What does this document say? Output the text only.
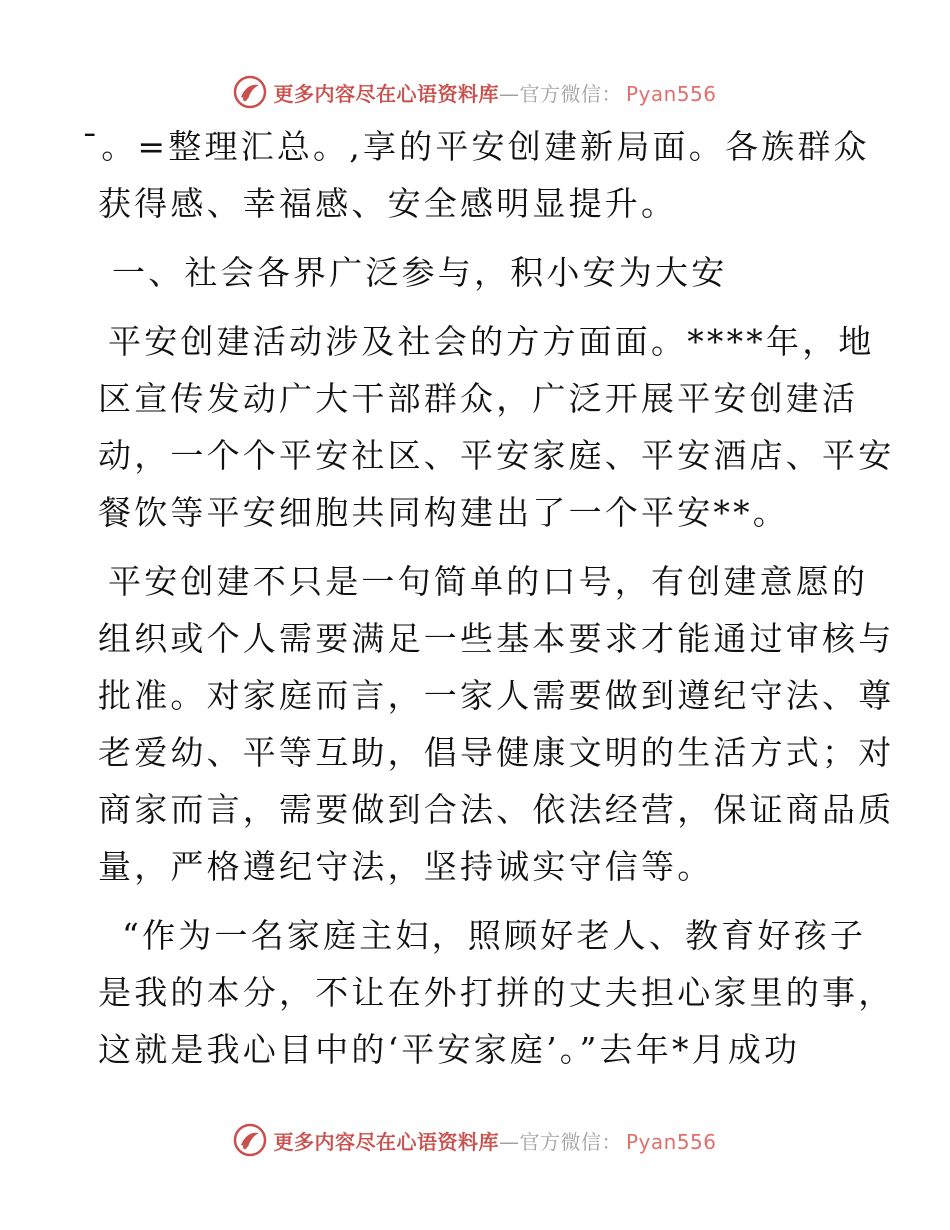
更多内容尽在心语资料库—官方微信： Pyan556
̄。=整理汇总。,享的平安创建新局面。各族群众
获得感、幸福感、安全感明显提升。
一、社会各界广泛参与，积小安为大安
平安创建活动涉及社会的方方面面。****年，地
区宣传发动广大干部群众，广泛开展平安创建活
动，一个个平安社区、平安家庭、平安酒店、平安
餐饮等平安细胞共同构建出了一个平安**。
平安创建不只是一句简单的口号，有创建意愿的
组织或个人需要满足一些基本要求才能通过审核与
批准。对家庭而言，一家人需要做到遵纪守法、尊
老爱幼、平等互助，倡导健康文明的生活方式；对
商家而言，需要做到合法、依法经营，保证商品质
量，严格遵纪守法，坚持诚实守信等。
“作为一名家庭主妇，照顾好老人、教育好孩子
是我的本分，不让在外打拼的丈夫担心家里的事，
这就是我心目中的‘平安家庭’。”去年*月成功
更多内容尽在心语资料库—官方微信： Pyan556
